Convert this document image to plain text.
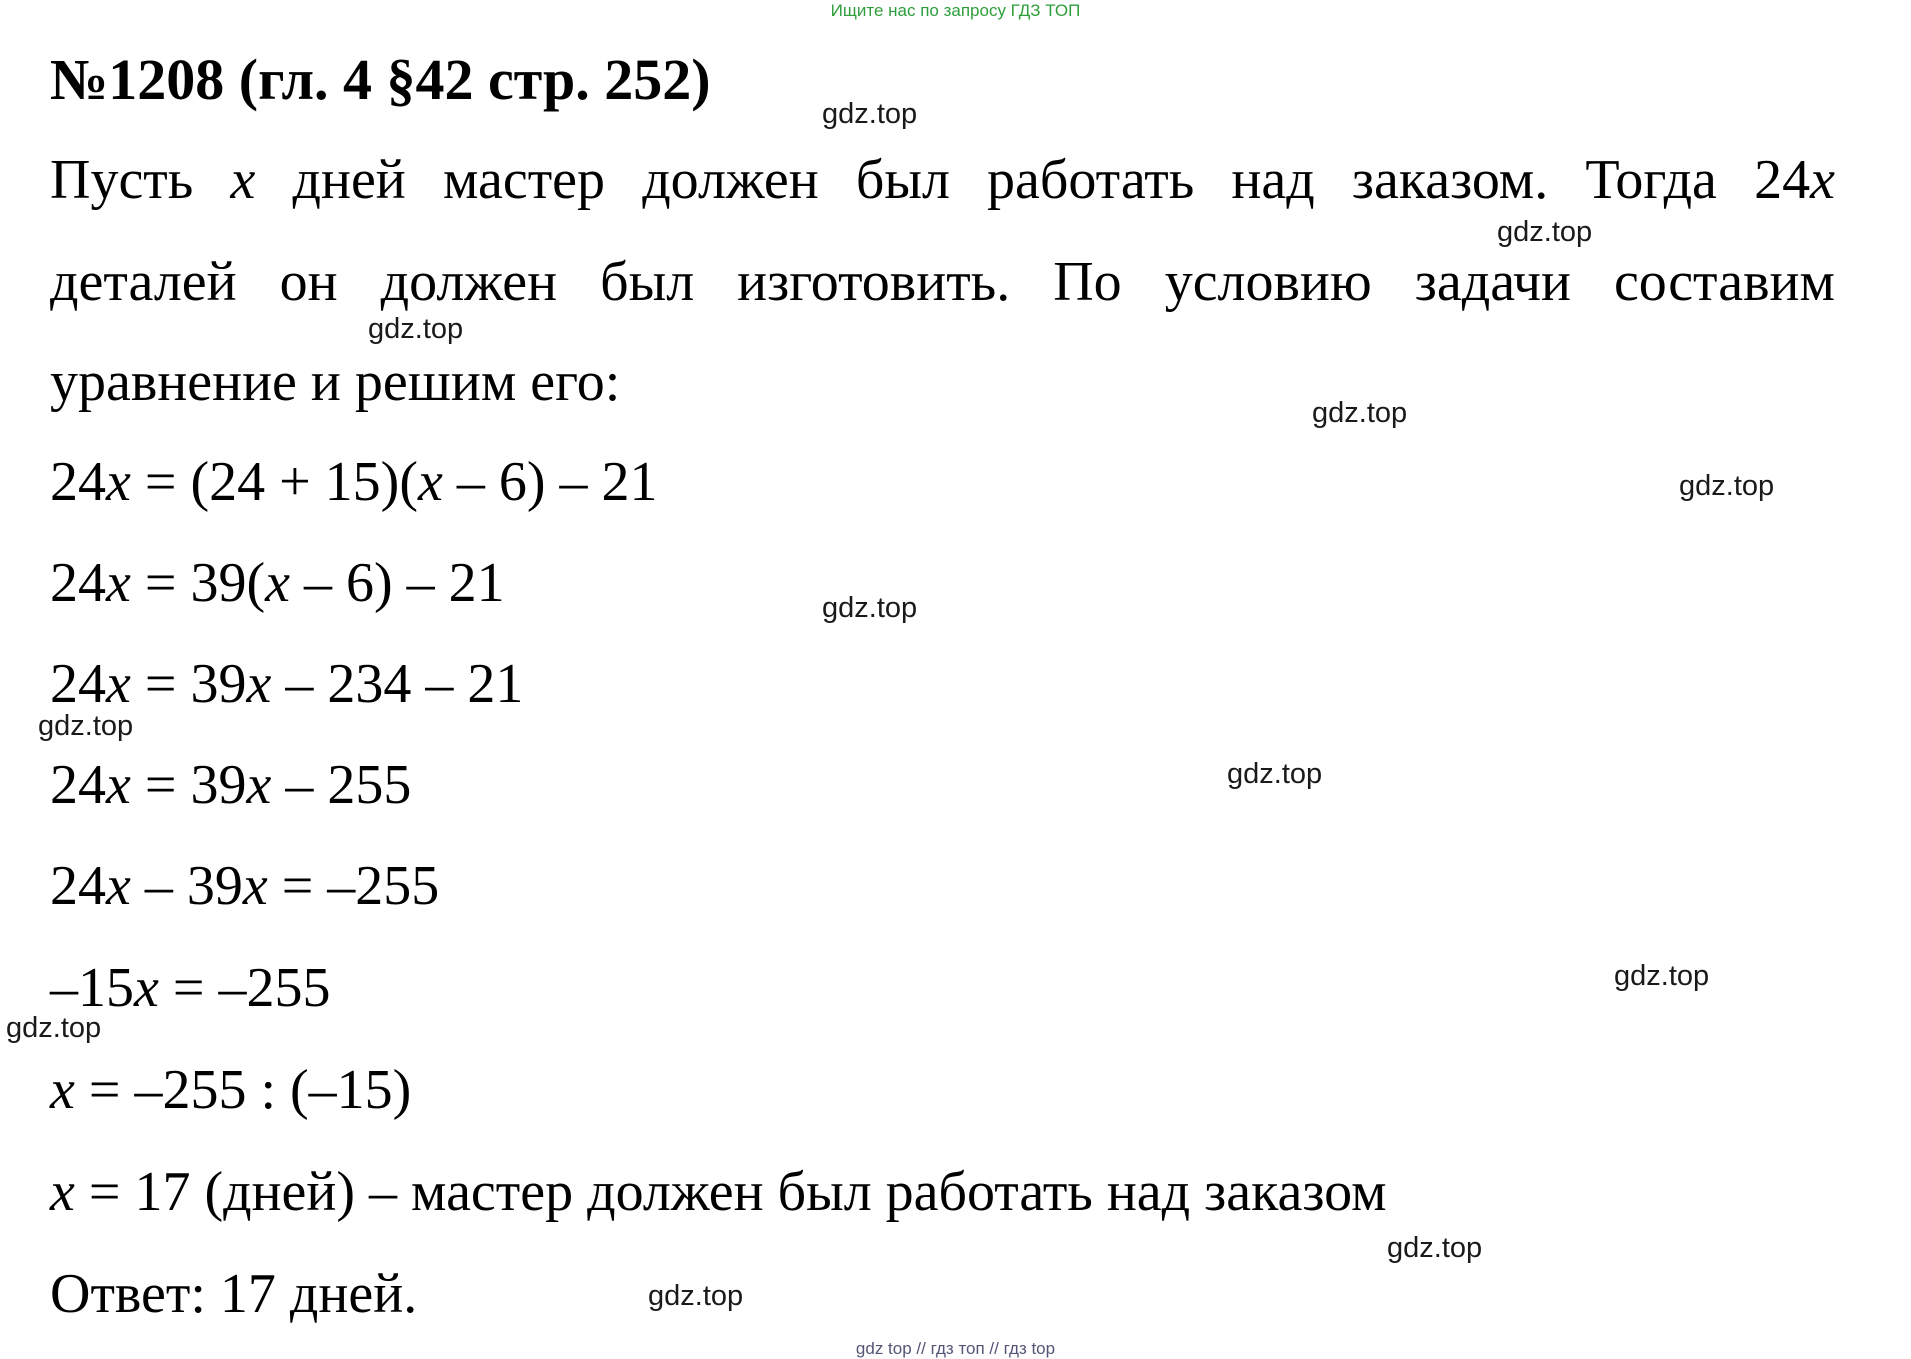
Ищите нас по запросу ГДЗ ТОП
№1208 (гл. 4 §42 стр. 252)
Пусть x дней мастер должен был работать над заказом. Тогда 24x
деталей он должен был изготовить. По условию задачи составим
уравнение и решим его:
24x = (24 + 15)(x – 6) – 21
24x = 39(x – 6) – 21
24x = 39x – 234 – 21
24x = 39x – 255
24x – 39x = –255
–15x = –255
x = –255 : (–15)
x = 17 (дней) – мастер должен был работать над заказом
Ответ: 17 дней.
gdz.top
gdz.top
gdz.top
gdz.top
gdz.top
gdz.top
gdz.top
gdz.top
gdz.top
gdz.top
gdz.top
gdz.top
gdz top // гдз топ // гдз top
